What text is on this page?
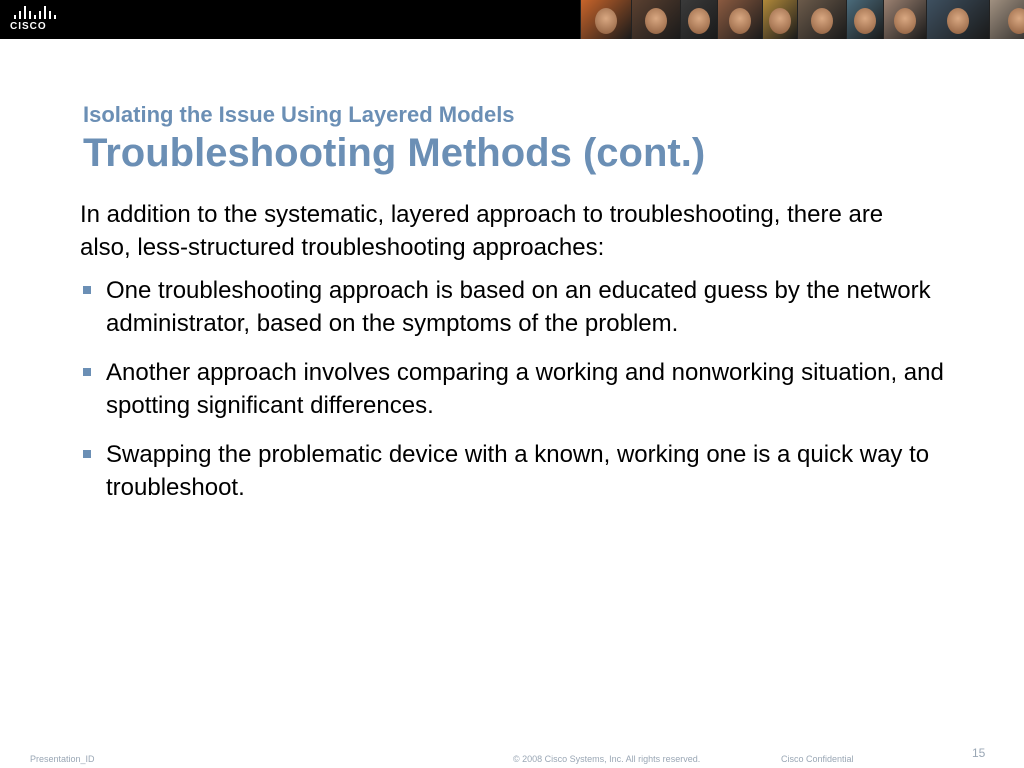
CISCO
Isolating the Issue Using Layered Models
Troubleshooting Methods (cont.)

In addition to the systematic, layered approach to troubleshooting, there are also, less-structured troubleshooting approaches:

One troubleshooting approach is based on an educated guess by the network administrator, based on the symptoms of the problem.
Another approach involves comparing a working and nonworking situation, and spotting significant differences.
Swapping the problematic device with a known, working one is a quick way to troubleshoot.
Presentation_ID	© 2008 Cisco Systems, Inc. All rights reserved.	Cisco Confidential	15
